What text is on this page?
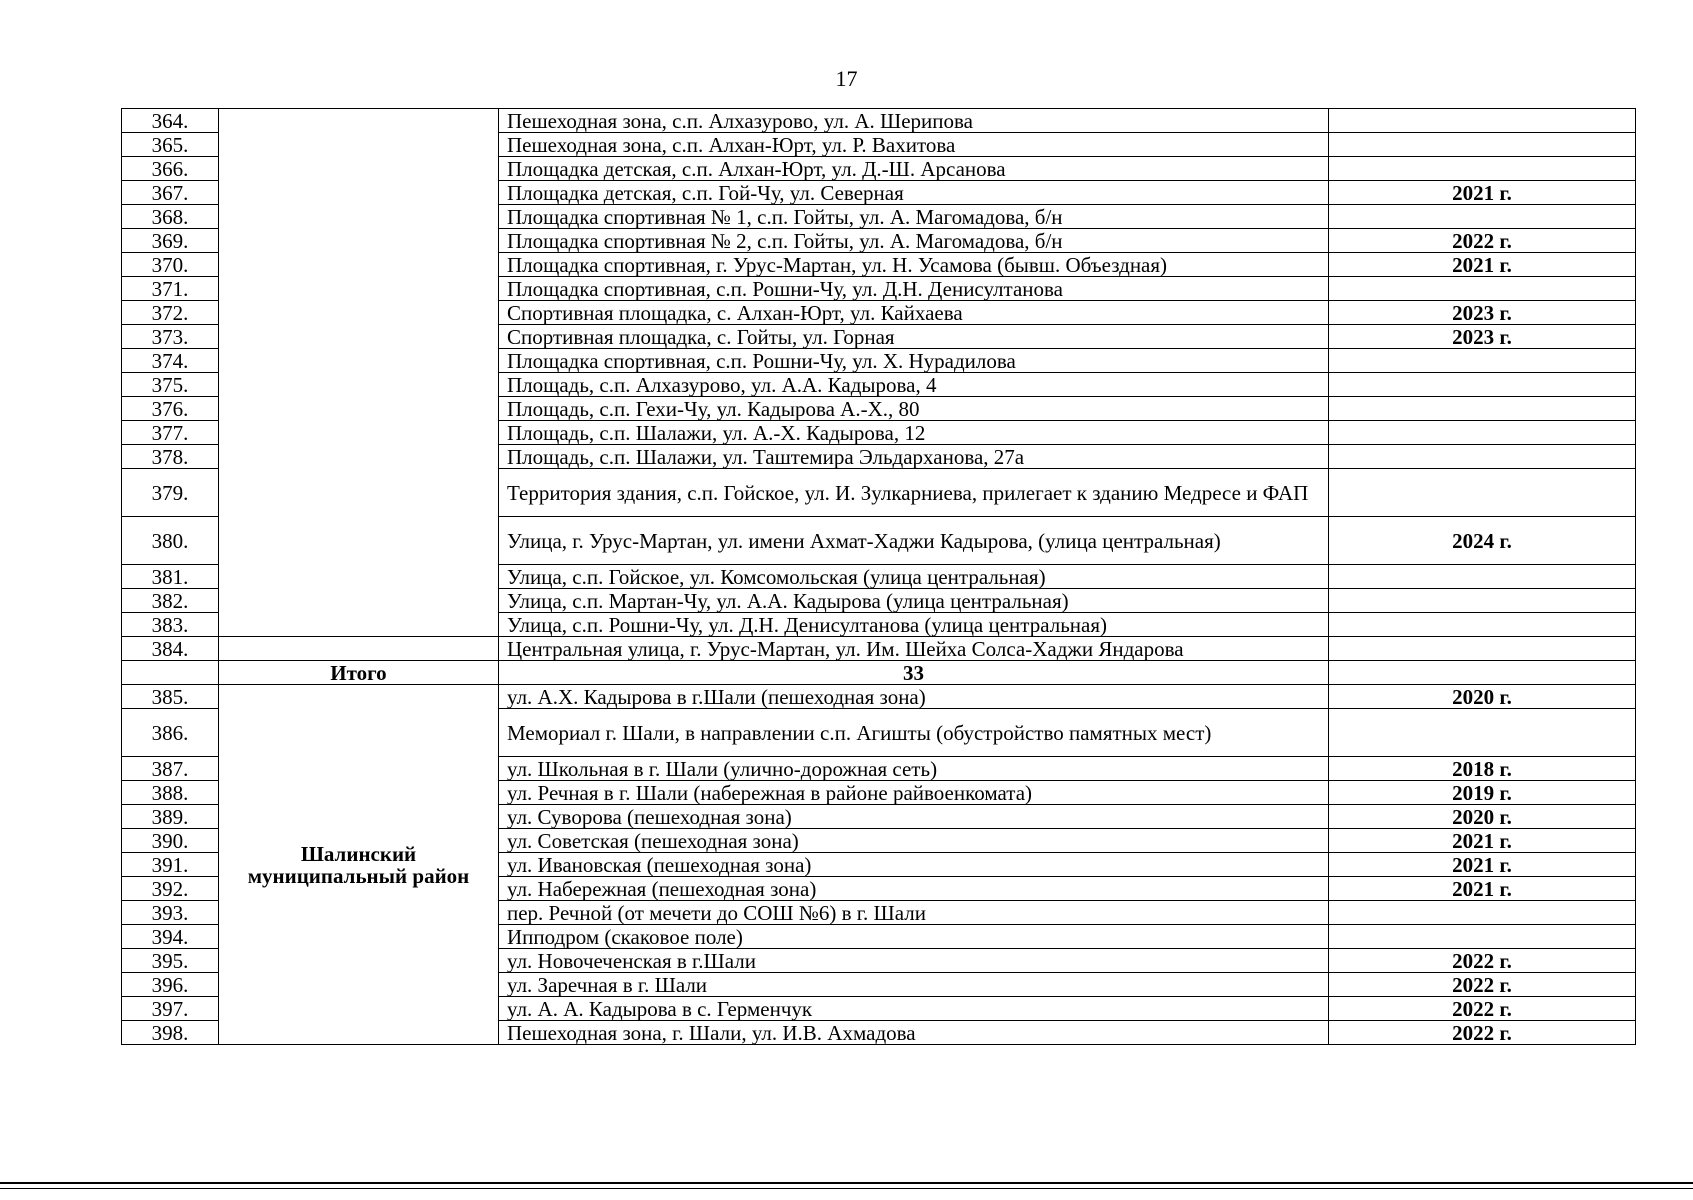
17
364.		Пешеходная зона, с.п. Алхазурово, ул. А. Шерипова	
365.		Пешеходная зона, с.п. Алхан-Юрт, ул. Р. Вахитова	
366.		Площадка детская, с.п. Алхан-Юрт, ул. Д.-Ш. Арсанова	
367.		Площадка детская, с.п. Гой-Чу, ул. Северная	2021 г.
368.		Площадка спортивная № 1, с.п. Гойты, ул. А. Магомадова, б/н	
369.		Площадка спортивная № 2, с.п. Гойты, ул. А. Магомадова, б/н	2022 г.
370.		Площадка спортивная, г. Урус-Мартан, ул. Н. Усамова (бывш. Объездная)	2021 г.
371.		Площадка спортивная, с.п. Рошни-Чу, ул. Д.Н. Денисултанова	
372.		Спортивная площадка, с. Алхан-Юрт, ул. Кайхаева	2023 г.
373.		Спортивная площадка, с. Гойты, ул. Горная	2023 г.
374.		Площадка спортивная, с.п. Рошни-Чу, ул. Х. Нурадилова	
375.		Площадь, с.п. Алхазурово, ул. А.А. Кадырова, 4	
376.		Площадь, с.п. Гехи-Чу, ул. Кадырова А.-Х., 80	
377.		Площадь, с.п. Шалажи, ул. А.-Х. Кадырова, 12	
378.		Площадь, с.п. Шалажи, ул. Таштемира Эльдарханова, 27а	
379.		Территория здания, с.п. Гойское, ул. И. Зулкарниева, прилегает к зданию Медресе и ФАП	
380.		Улица, г. Урус-Мартан, ул. имени Ахмат-Хаджи Кадырова, (улица центральная)	2024 г.
381.		Улица, с.п. Гойское, ул. Комсомольская (улица центральная)	
382.		Улица, с.п. Мартан-Чу, ул. А.А. Кадырова (улица центральная)	
383.		Улица, с.п. Рошни-Чу, ул. Д.Н. Денисултанова (улица центральная)	
384.		Центральная улица, г. Урус-Мартан, ул. Им. Шейха Солса-Хаджи Яндарова	
	Итого	33	
385.	Шалинский муниципальный район	ул. А.Х. Кадырова в г.Шали (пешеходная зона)	2020 г.
386.		Мемориал г. Шали, в направлении с.п. Агишты (обустройство памятных мест)	
387.		ул. Школьная в г. Шали (улично-дорожная сеть)	2018 г.
388.		ул. Речная в г. Шали (набережная в районе райвоенкомата)	2019 г.
389.		ул. Суворова (пешеходная зона)	2020 г.
390.		ул. Советская (пешеходная зона)	2021 г.
391.		ул. Ивановская (пешеходная зона)	2021 г.
392.		ул. Набережная (пешеходная зона)	2021 г.
393.		пер. Речной (от мечети до СОШ №6) в г. Шали	
394.		Ипподром (скаковое поле)	
395.		ул. Новочеченская в г.Шали	2022 г.
396.		ул. Заречная в г. Шали	2022 г.
397.		ул. А. А. Кадырова в с. Герменчук	2022 г.
398.		Пешеходная зона, г. Шали, ул. И.В. Ахмадова	2022 г.
